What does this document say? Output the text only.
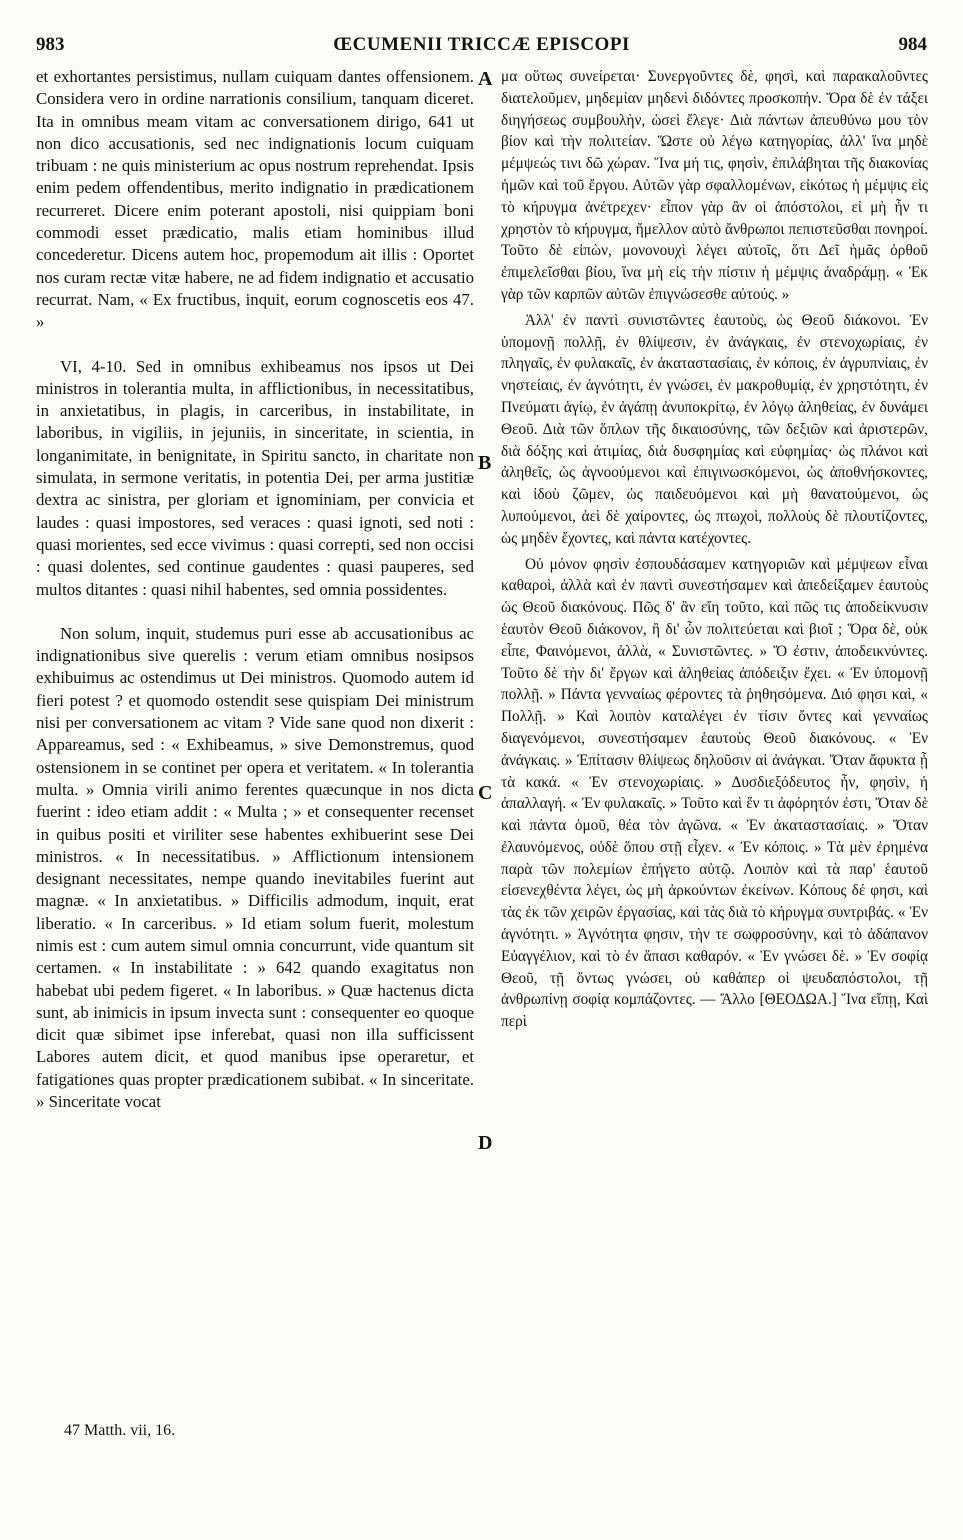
983	ŒCUMENII TRICCÆ EPISCOPI	984

et exhortantes persistimus, nullam cuiquam dantes offensionem. Considera vero in ordine narrationis consilium, tanquam diceret. Ita in omnibus meam vitam ac conversationem dirigo, 641 ut non dico accusationis, sed nec indignationis locum cuiquam tribuam : ne quis ministerium ac opus nostrum reprehendat. Ipsis enim pedem offendentibus, merito indignatio in prædicationem recurreret. Dicere enim poterant apostoli, nisi quippiam boni commodi esset prædicatio, malis etiam hominibus illud concederetur. Dicens autem hoc, propemodum ait illis : Oportet nos curam rectæ vitæ habere, ne ad fidem indignatio et accusatio recurrat. Nam, « Ex fructibus, inquit, eorum cognoscetis eos 47. »

VI, 4-10. Sed in omnibus exhibeamus nos ipsos ut Dei ministros in tolerantia multa, in afflictionibus, in necessitatibus, in anxietatibus, in plagis, in carceribus, in instabilitate, in laboribus, in vigiliis, in jejuniis, in sinceritate, in scientia, in longanimitate, in benignitate, in Spiritu sancto, in charitate non simulata, in sermone veritatis, in potentia Dei, per arma justitiæ dextra ac sinistra, per gloriam et ignominiam, per convicia et laudes : quasi impostores, sed veraces : quasi ignoti, sed noti : quasi morientes, sed ecce vivimus : quasi correpti, sed non occisi : quasi dolentes, sed continue gaudentes : quasi pauperes, sed multos ditantes : quasi nihil habentes, sed omnia possidentes.

Non solum, inquit, studemus puri esse ab accusationibus ac indignationibus sive querelis : verum etiam omnibus nosipsos exhibuimus ac ostendimus ut Dei ministros. Quomodo autem id fieri potest ? et quomodo ostendit sese quispiam Dei ministrum nisi per conversationem ac vitam ? Vide sane quod non dixerit : Appareamus, sed : « Exhibeamus, » sive Demonstremus, quod ostensionem in se continet per opera et veritatem. « In tolerantia multa. » Omnia virili animo ferentes quæcunque in nos dicta fuerint : ideo etiam addit : « Multa ; » et consequenter recenset in quibus positi et viriliter sese habentes exhibuerint sese Dei ministros. « In necessitatibus. » Afflictionum intensionem designant necessitates, nempe quando inevitabiles fuerint aut magnæ. « In anxietatibus. » Difficilis admodum, inquit, erat liberatio. « In carceribus. » Id etiam solum fuerit, molestum nimis est : cum autem simul omnia concurrunt, vide quantum sit certamen. « In instabilitate : » 642 quando exagitatus non habebat ubi pedem figeret. « In laboribus. » Quæ hactenus dicta sunt, ab inimicis in ipsum invecta sunt : consequenter eo quoque dicit quæ sibimet ipse inferebat, quasi non illa sufficissent Labores autem dicit, et quod manibus ipse operaretur, et fatigationes quas propter prædicationem subibat. « In sinceritate. » Sinceritate vocat

A
B
C
D

μα οὕτως συνείρεται· Συνεργοῦντες δὲ, φησὶ, καὶ παρακαλοῦντες διατελοῦμεν, μηδεμίαν μηδενὶ διδόντες προσκοπήν. Ὅρα δὲ ἐν τάξει διηγήσεως συμβουλὴν, ὡσεὶ ἔλεγε· Διὰ πάντων ἀπευθύνω μου τὸν βίον καὶ τὴν πολιτείαν. Ὥστε οὐ λέγω κατηγορίας, ἀλλ' ἵνα μηδὲ μέμψεώς τινι δῶ χώραν. Ἵνα μή τις, φησὶν, ἐπιλάβηται τῆς διακονίας ἡμῶν καὶ τοῦ ἔργου. Αὐτῶν γὰρ σφαλλομένων, εἰκότως ἡ μέμψις εἰς τὸ κήρυγμα ἀνέτρεχεν· εἶπον γὰρ ἂν οἱ ἀπόστολοι, εἰ μὴ ἦν τι χρηστὸν τὸ κήρυγμα, ἤμελλον αὐτὸ ἄνθρωποι πεπιστεῦσθαι πονηροί. Τοῦτο δὲ εἰπὼν, μονονουχὶ λέγει αὐτοῖς, ὅτι Δεῖ ἡμᾶς ὀρθοῦ ἐπιμελεῖσθαι βίου, ἵνα μὴ εἰς τὴν πίστιν ἡ μέμψις ἀναδράμῃ. « Ἐκ γὰρ τῶν καρπῶν αὐτῶν ἐπιγνώσεσθε αὐτούς. »

Ἀλλ' ἐν παντὶ συνιστῶντες ἑαυτοὺς, ὡς Θεοῦ διάκονοι. Ἐν ὑπομονῇ πολλῇ, ἐν θλίψεσιν, ἐν ἀνάγκαις, ἐν στενοχωρίαις, ἐν πληγαῖς, ἐν φυλακαῖς, ἐν ἀκαταστασίαις, ἐν κόποις, ἐν ἀγρυπνίαις, ἐν νηστείαις, ἐν ἁγνότητι, ἐν γνώσει, ἐν μακροθυμίᾳ, ἐν χρηστότητι, ἐν Πνεύματι ἁγίῳ, ἐν ἀγάπῃ ἀνυποκρίτῳ, ἐν λόγῳ ἀληθείας, ἐν δυνάμει Θεοῦ. Διὰ τῶν ὅπλων τῆς δικαιοσύνης, τῶν δεξιῶν καὶ ἀριστερῶν, διὰ δόξης καὶ ἀτιμίας, διὰ δυσφημίας καὶ εὐφημίας· ὡς πλάνοι καὶ ἀληθεῖς, ὡς ἀγνοούμενοι καὶ ἐπιγινωσκόμενοι, ὡς ἀποθνήσκοντες, καὶ ἰδοὺ ζῶμεν, ὡς παιδευόμενοι καὶ μὴ θανατούμενοι, ὡς λυπούμενοι, ἀεὶ δὲ χαίροντες, ὡς πτωχοὶ, πολλοὺς δὲ πλουτίζοντες, ὡς μηδὲν ἔχοντες, καὶ πάντα κατέχοντες.

Οὐ μόνον φησὶν ἐσπουδάσαμεν κατηγοριῶν καὶ μέμψεων εἶναι καθαροὶ, ἀλλὰ καὶ ἐν παντὶ συνεστήσαμεν καὶ ἀπεδείξαμεν ἑαυτοὺς ὡς Θεοῦ διακόνους. Πῶς δ' ἂν εἴη τοῦτο, καὶ πῶς τις ἀποδείκνυσιν ἑαυτὸν Θεοῦ διάκονον, ἢ δι' ὧν πολιτεύεται καὶ βιοῖ ; Ὅρα δὲ, οὐκ εἶπε, Φαινόμενοι, ἀλλὰ, « Συνιστῶντες. » Ὅ ἐστιν, ἀποδεικνύντες. Τοῦτο δὲ τὴν δι' ἔργων καὶ ἀληθείας ἀπόδειξιν ἔχει. « Ἐν ὑπομονῇ πολλῇ. » Πάντα γενναίως φέροντες τὰ ῥηθησόμενα. Διό φησι καὶ, « Πολλῇ. » Καὶ λοιπὸν καταλέγει ἐν τίσιν ὄντες καὶ γενναίως διαγενόμενοι, συνεστήσαμεν ἑαυτοὺς Θεοῦ διακόνους. « Ἐν ἀνάγκαις. » Ἐπίτασιν θλίψεως δηλοῦσιν αἱ ἀνάγκαι. Ὅταν ἄφυκτα ᾖ τὰ κακά. « Ἐν στενοχωρίαις. » Δυσδιεξόδευτος ἦν, φησὶν, ἡ ἀπαλλαγή. « Ἐν φυλακαῖς. » Τοῦτο καὶ ἕν τι ἀφόρητόν ἐστι, Ὅταν δὲ καὶ πάντα ὁμοῦ, θέα τὸν ἀγῶνα. « Ἐν ἀκαταστασίαις. » Ὅταν ἐλαυνόμενος, οὐδὲ ὅπου στῇ εἶχεν. « Ἐν κόποις. » Τὰ μὲν ἐρημένα παρὰ τῶν πολεμίων ἐπήγετο αὐτῷ. Λοιπὸν καὶ τὰ παρ' ἑαυτοῦ εἰσενεχθέντα λέγει, ὡς μὴ ἀρκούντων ἐκείνων. Κόπους δέ φησι, καὶ τὰς ἐκ τῶν χειρῶν ἐργασίας, καὶ τὰς διὰ τὸ κήρυγμα συντριβάς. « Ἐν ἁγνότητι. » Ἁγνότητα φησιν, τὴν τε σωφροσύνην, καὶ τὸ ἀδάπανον Εὐαγγέλιον, καὶ τὸ ἐν ἅπασι καθαρόν. « Ἐν γνώσει δὲ. » Ἐν σοφίᾳ Θεοῦ, τῇ ὄντως γνώσει, οὐ καθάπερ οἱ ψευδαπόστολοι, τῇ ἀνθρωπίνῃ σοφίᾳ κομπάζοντες. — Ἄλλο [ΘΕΟΔΩΑ.] Ἵνα εἴπῃ, Καὶ περὶ

47 Matth. vii, 16.
